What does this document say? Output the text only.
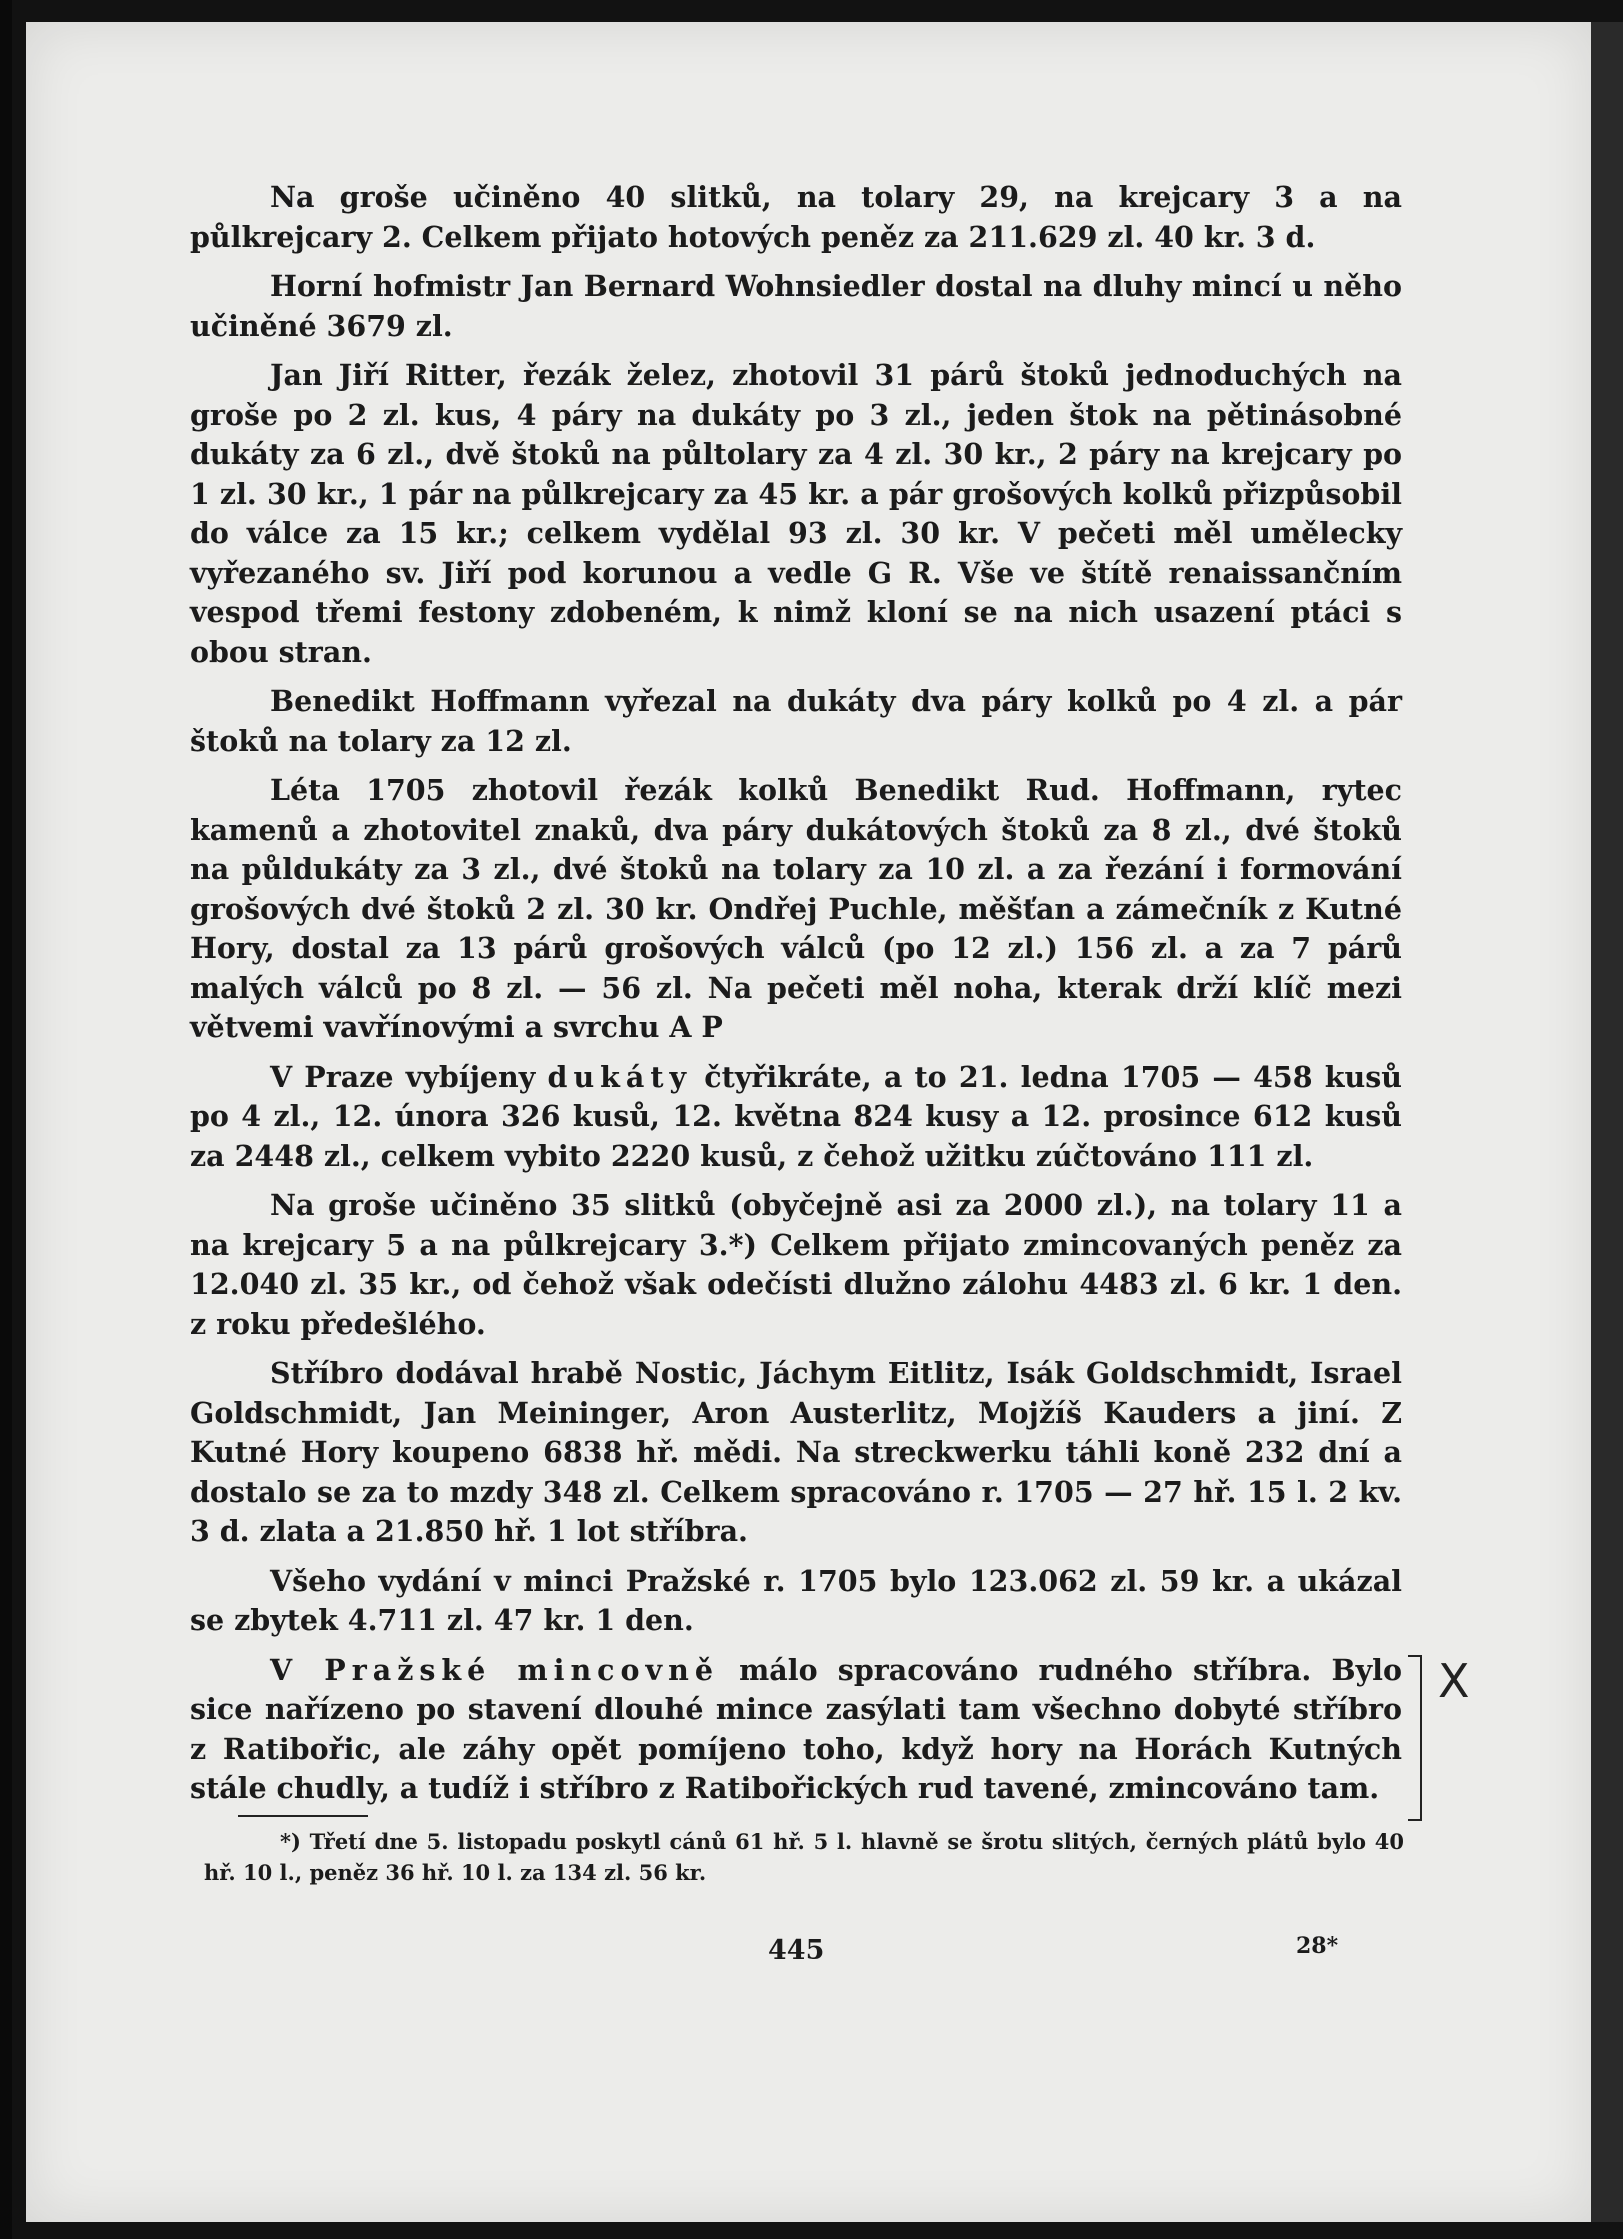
Na groše učiněno 40 slitků, na tolary 29, na krejcary 3 a na půlkrejcary 2. Celkem přijato hotových peněz za 211.629 zl. 40 kr. 3 d.

Horní hofmistr Jan Bernard Wohnsiedler dostal na dluhy mincí u něho učiněné 3679 zl.

Jan Jiří Ritter, řezák želez, zhotovil 31 párů štoků jednoduchých na groše po 2 zl. kus, 4 páry na dukáty po 3 zl., jeden štok na pětinásobné dukáty za 6 zl., dvě štoků na půltolary za 4 zl. 30 kr., 2 páry na krejcary po 1 zl. 30 kr., 1 pár na půlkrejcary za 45 kr. a pár grošových kolků přizpůsobil do válce za 15 kr.; celkem vydělal 93 zl. 30 kr. V pečeti měl umělecky vyřezaného sv. Jiří pod korunou a vedle G R. Vše ve štítě renaissančním vespod třemi festony zdobeném, k nimž kloní se na nich usazení ptáci s obou stran.

Benedikt Hoffmann vyřezal na dukáty dva páry kolků po 4 zl. a pár štoků na tolary za 12 zl.

Léta 1705 zhotovil řezák kolků Benedikt Rud. Hoffmann, rytec kamenů a zhotovitel znaků, dva páry dukátových štoků za 8 zl., dvé štoků na půldukáty za 3 zl., dvé štoků na tolary za 10 zl. a za řezání i formování grošových dvé štoků 2 zl. 30 kr. Ondřej Puchle, měšťan a zámečník z Kutné Hory, dostal za 13 párů grošových válců (po 12 zl.) 156 zl. a za 7 párů malých válců po 8 zl. — 56 zl. Na pečeti měl noha, kterak drží klíč mezi větvemi vavřínovými a svrchu A P

V Praze vybíjeny dukáty čtyřikráte, a to 21. ledna 1705 — 458 kusů po 4 zl., 12. února 326 kusů, 12. května 824 kusy a 12. prosince 612 kusů za 2448 zl., celkem vybito 2220 kusů, z čehož užitku zúčtováno 111 zl.

Na groše učiněno 35 slitků (obyčejně asi za 2000 zl.), na tolary 11 a na krejcary 5 a na půlkrejcary 3.*) Celkem přijato zmincovaných peněz za 12.040 zl. 35 kr., od čehož však odečísti dlužno zálohu 4483 zl. 6 kr. 1 den. z roku předešlého.

Stříbro dodával hrabě Nostic, Jáchym Eitlitz, Isák Goldschmidt, Israel Goldschmidt, Jan Meininger, Aron Austerlitz, Mojžíš Kauders a jiní. Z Kutné Hory koupeno 6838 hř. mědi. Na streckwerku táhli koně 232 dní a dostalo se za to mzdy 348 zl. Celkem spracováno r. 1705 — 27 hř. 15 l. 2 kv. 3 d. zlata a 21.850 hř. 1 lot stříbra.

Všeho vydání v minci Pražské r. 1705 bylo 123.062 zl. 59 kr. a ukázal se zbytek 4.711 zl. 47 kr. 1 den.

V Pražské mincovně málo spracováno rudného stříbra. Bylo sice nařízeno po stavení dlouhé mince zasýlati tam všechno dobyté stříbro z Ratibořic, ale záhy opět pomíjeno toho, když hory na Horách Kutných stále chudly, a tudíž i stříbro z Ratibořických rud tavené, zmincováno tam.

X
*) Třetí dne 5. listopadu poskytl cánů 61 hř. 5 l. hlavně se šrotu slitých, černých plátů bylo 40 hř. 10 l., peněz 36 hř. 10 l. za 134 zl. 56 kr.
445	28*
